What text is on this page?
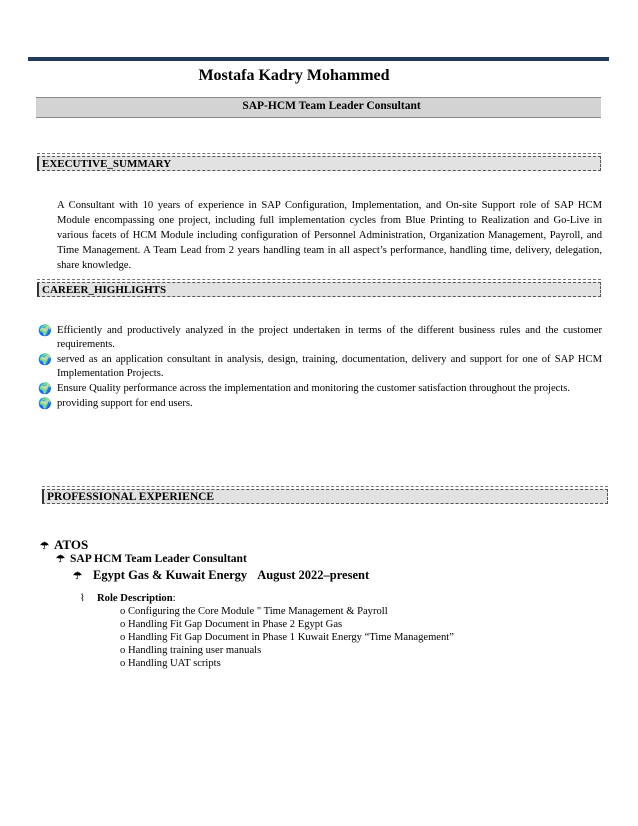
Mostafa Kadry Mohammed
SAP-HCM Team Leader Consultant
EXECUTIVE_SUMMARY
A Consultant with 10 years of experience in SAP Configuration, Implementation, and On-site Support role of SAP HCM Module encompassing one project, including full implementation cycles from Blue Printing to Realization and Go-Live in various facets of HCM Module including configuration of Personnel Administration, Organization Management, Payroll, and Time Management. A Team Lead from 2 years handling team in all aspect’s performance, handling time, delivery, delegation, share knowledge.
CAREER_HIGHLIGHTS
🌍 Efficiently and productively analyzed in the project undertaken in terms of the different business rules and the customer requirements.
🌍 served as an application consultant in analysis, design, training, documentation, delivery and support for one of SAP HCM Implementation Projects.
🌍 Ensure Quality performance across the implementation and monitoring the customer satisfaction throughout the projects.
🌍 providing support for end users.
PROFESSIONAL EXPERIENCE
☂ ATOS
☂ SAP HCM Team Leader Consultant
☂ Egypt Gas & Kuwait Energy August 2022–present
⌇ Role Description:
o Configuring the Core Module " Time Management & Payroll
o Handling Fit Gap Document in Phase 2 Egypt Gas
o Handling Fit Gap Document in Phase 1 Kuwait Energy “Time Management”
o Handling training user manuals
o Handling UAT scripts
